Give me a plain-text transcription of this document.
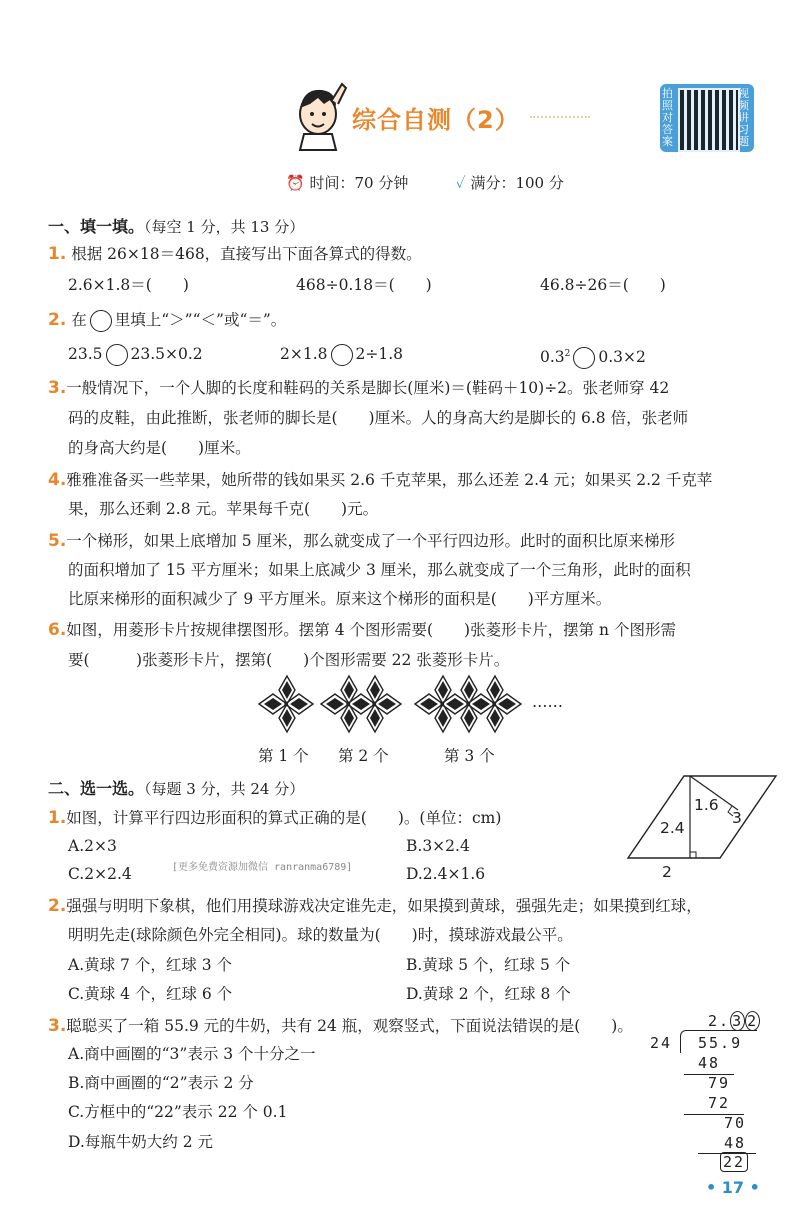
综合自测（2）
拍照对答案
视频讲习题
⏰ 时间：70 分钟	✓ 满分：100 分
一、填一填。（每空 1 分，共 13 分）
1. 根据 26×18＝468，直接写出下面各算式的得数。
2.6×1.8＝(　　)	468÷0.18＝(　　)	46.8÷26＝(　　)
2. 在 里填上“＞”“＜”或“＝”。
23.5 23.5×0.2	2×1.8 2÷1.8	$0.3^2$ 0.3×2
3.一般情况下，一个人脚的长度和鞋码的关系是脚长(厘米)＝(鞋码＋10)÷2。张老师穿 42
码的皮鞋，由此推断，张老师的脚长是(　　)厘米。人的身高大约是脚长的 6.8 倍，张老师
的身高大约是(　　)厘米。
4.雅雅准备买一些苹果，她所带的钱如果买 2.6 千克苹果，那么还差 2.4 元；如果买 2.2 千克苹
果，那么还剩 2.8 元。苹果每千克(　　)元。
5.一个梯形，如果上底增加 5 厘米，那么就变成了一个平行四边形。此时的面积比原来梯形
的面积增加了 15 平方厘米；如果上底减少 3 厘米，那么就变成了一个三角形，此时的面积
比原来梯形的面积减少了 9 平方厘米。原来这个梯形的面积是(　　)平方厘米。
6.如图，用菱形卡片按规律摆图形。摆第 4 个图形需要(　　)张菱形卡片，摆第 n 个图形需
要(　　　)张菱形卡片，摆第(　　)个图形需要 22 张菱形卡片。
……
第 1 个 第 2 个	第 3 个
二、选一选。（每题 3 分，共 24 分）
1.6
3
2.4
2
1.如图，计算平行四边形面积的算式正确的是(　　)。(单位：cm)
A.2×3	B.3×2.4
C.2×2.4	[更多免费资源加微信 ranranma6789]	D.2.4×1.6
2.强强与明明下象棋，他们用摸球游戏决定谁先走，如果摸到黄球，强强先走；如果摸到红球，
明明先走(球除颜色外完全相同)。球的数量为(　　)时，摸球游戏最公平。
A.黄球 7 个，红球 3 个	B.黄球 5 个，红球 5 个
C.黄球 4 个，红球 6 个	D.黄球 2 个，红球 8 个
3.聪聪买了一箱 55.9 元的牛奶，共有 24 瓶，观察竖式，下面说法错误的是(　　)。
A.商中画圈的“3”表示 3 个十分之一
B.商中画圈的“2”表示 2 分
C.方框中的“22”表示 22 个 0.1
D.每瓶牛奶大约 2 元
2. 3 2
24 55.9
48
79
72
70
48
22
• 17 •
